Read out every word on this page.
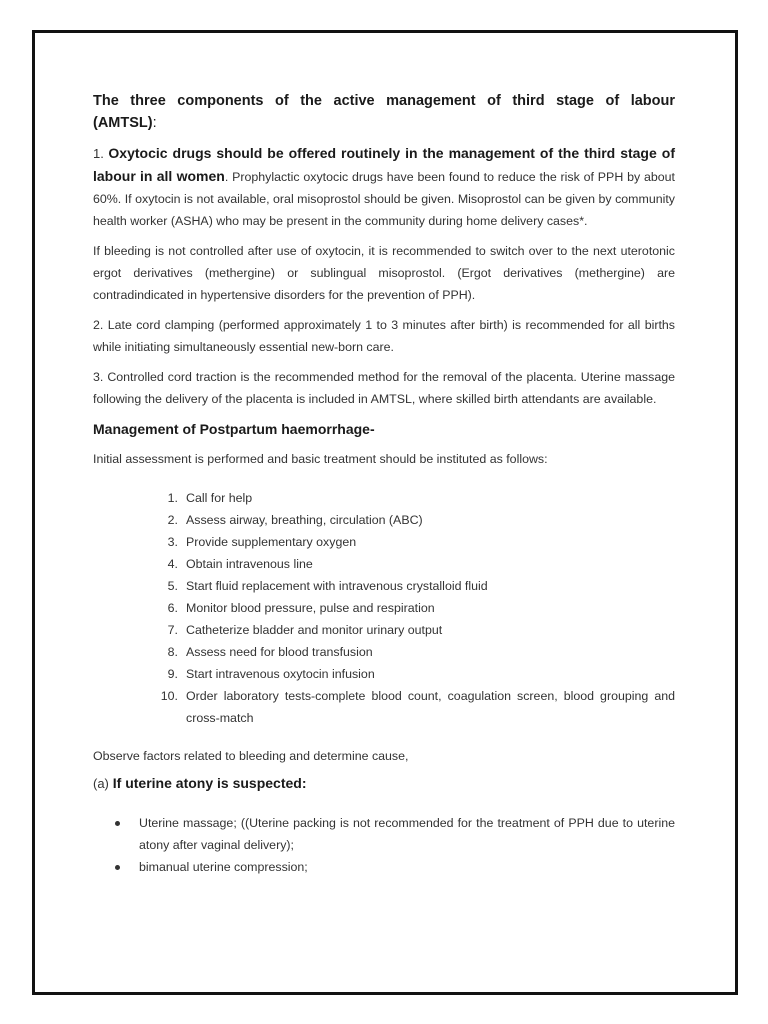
The three components of the active management of third stage of labour

(AMTSL):

1. Oxytocic drugs should be offered routinely in the management of the third stage of labour in all women. Prophylactic oxytocic drugs have been found to reduce the risk of PPH by about 60%. If oxytocin is not available, oral misoprostol should be given. Misoprostol can be given by community health worker (ASHA) who may be present in the community during home delivery cases*.

If bleeding is not controlled after use of oxytocin, it is recommended to switch over to the next uterotonic ergot derivatives (methergine) or sublingual misoprostol. (Ergot derivatives (methergine) are contradindicated in hypertensive disorders for the prevention of PPH).

2. Late cord clamping (performed approximately 1 to 3 minutes after birth) is recommended for all births while initiating simultaneously essential new-born care.

3. Controlled cord traction is the recommended method for the removal of the placenta. Uterine massage following the delivery of the placenta is included in AMTSL, where skilled birth attendants are available.

Management of Postpartum haemorrhage-

Initial assessment is performed and basic treatment should be instituted as follows:

1. Call for help
2. Assess airway, breathing, circulation (ABC)
3. Provide supplementary oxygen
4. Obtain intravenous line
5. Start fluid replacement with intravenous crystalloid fluid
6. Monitor blood pressure, pulse and respiration
7. Catheterize bladder and monitor urinary output
8. Assess need for blood transfusion
9. Start intravenous oxytocin infusion
10. Order laboratory tests-complete blood count, coagulation screen, blood grouping and cross-match

Observe factors related to bleeding and determine cause,

(a) If uterine atony is suspected:

Uterine massage; ((Uterine packing is not recommended for the treatment of PPH due to uterine atony after vaginal delivery);
bimanual uterine compression;
